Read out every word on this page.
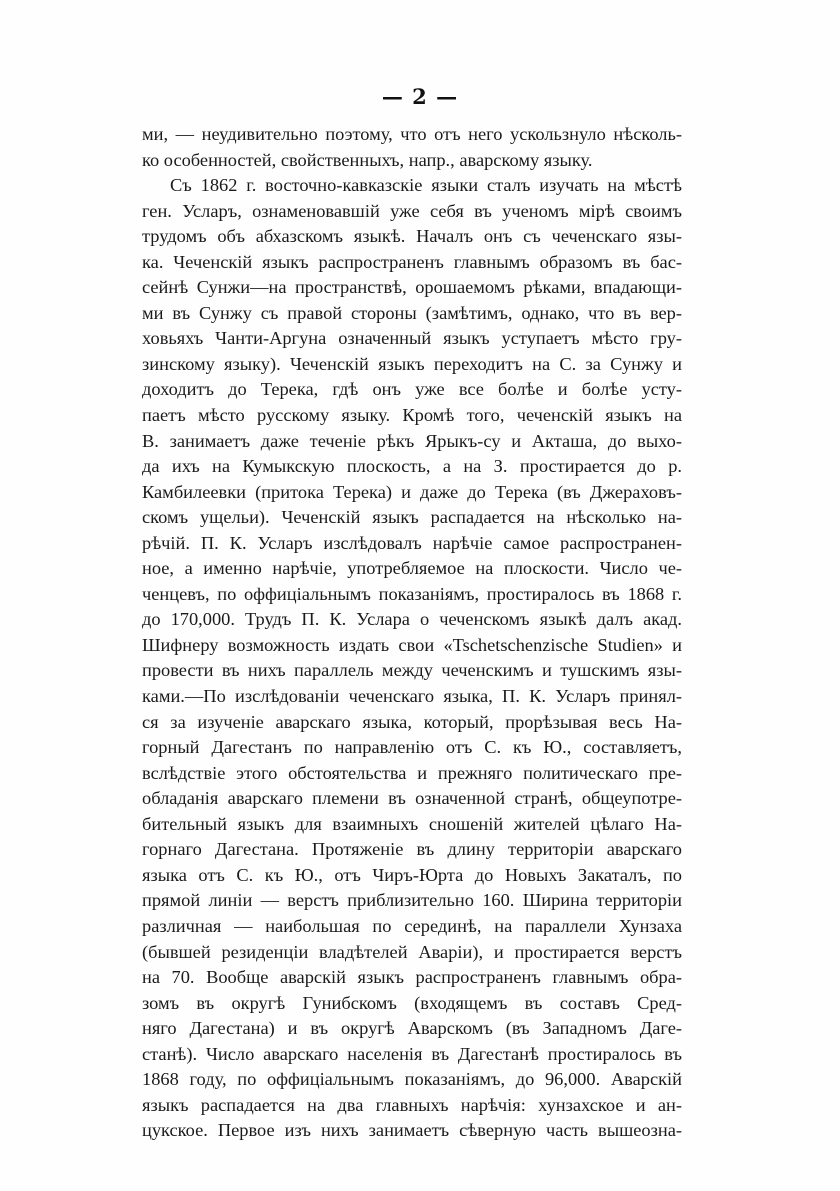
— 2 —
ми, — неудивительно поэтому, что отъ него ускользнуло нѣсколь-
ко особенностей, свойственныхъ, напр., аварскому языку.
Съ 1862 г. восточно-кавказскiе языки сталъ изучать на мѣстѣ
ген. Усларъ, ознаменовавшiй уже себя въ ученомъ мiрѣ своимъ
трудомъ объ абхазскомъ языкѣ. Началъ онъ съ чеченскаго язы-
ка. Чеченскiй языкъ распространенъ главнымъ образомъ въ бас-
сейнѣ Сунжи—на пространствѣ, орошаемомъ рѣками, впадающи-
ми въ Сунжу съ правой стороны (замѣтимъ, однако, что въ вер-
ховьяхъ Чанти-Аргуна означенный языкъ уступаетъ мѣсто гру-
зинскому языку). Чеченскiй языкъ переходитъ на С. за Сунжу и
доходитъ до Терека, гдѣ онъ уже все болѣе и болѣе усту-
паетъ мѣсто русскому языку. Кромѣ того, чеченскiй языкъ на
В. занимаетъ даже теченiе рѣкъ Ярыкъ-су и Акташа, до выхо-
да ихъ на Кумыкскую плоскость, а на З. простирается до р.
Камбилеевки (притока Терека) и даже до Терека (въ Джераховъ-
скомъ ущельи). Чеченскiй языкъ распадается на нѣсколько на-
рѣчiй. П. К. Усларъ изслѣдовалъ нарѣчiе самое распространен-
ное, а именно нарѣчiе, употребляемое на плоскости. Число че-
ченцевъ, по оффицiальнымъ показанiямъ, простиралось въ 1868 г.
до 170,000. Трудъ П. К. Услара о чеченскомъ языкѣ далъ акад.
Шифнеру возможность издать свои «Tschetschenzische Studien» и
провести въ нихъ параллель между чеченскимъ и тушскимъ язы-
ками.—По изслѣдованiи чеченскаго языка, П. К. Усларъ принял-
ся за изученiе аварскаго языка, который, прорѣзывая весь На-
горный Дагестанъ по направленiю отъ С. къ Ю., составляетъ,
вслѣдствiе этого обстоятельства и прежняго политическаго пре-
обладанiя аварскаго племени въ означенной странѣ, общеупотре-
бительный языкъ для взаимныхъ сношенiй жителей цѣлаго На-
горнаго Дагестана. Протяженiе въ длину территорiи аварскаго
языка отъ С. къ Ю., отъ Чиръ-Юрта до Новыхъ Закаталъ, по
прямой линiи — верстъ приблизительно 160. Ширина территорiи
различная — наибольшая по серединѣ, на параллели Хунзаха
(бывшей резиденцiи владѣтелей Аварiи), и простирается верстъ
на 70. Вообще аварскiй языкъ распространенъ главнымъ обра-
зомъ въ округѣ Гунибскомъ (входящемъ въ составъ Сред-
няго Дагестана) и въ округѣ Аварскомъ (въ Западномъ Даге-
станѣ). Число аварскаго населенiя въ Дагестанѣ простиралось въ
1868 году, по оффицiальнымъ показанiямъ, до 96,000. Аварскiй
языкъ распадается на два главныхъ нарѣчiя: хунзахское и ан-
цукское. Первое изъ нихъ занимаетъ сѣверную часть вышеозна-
